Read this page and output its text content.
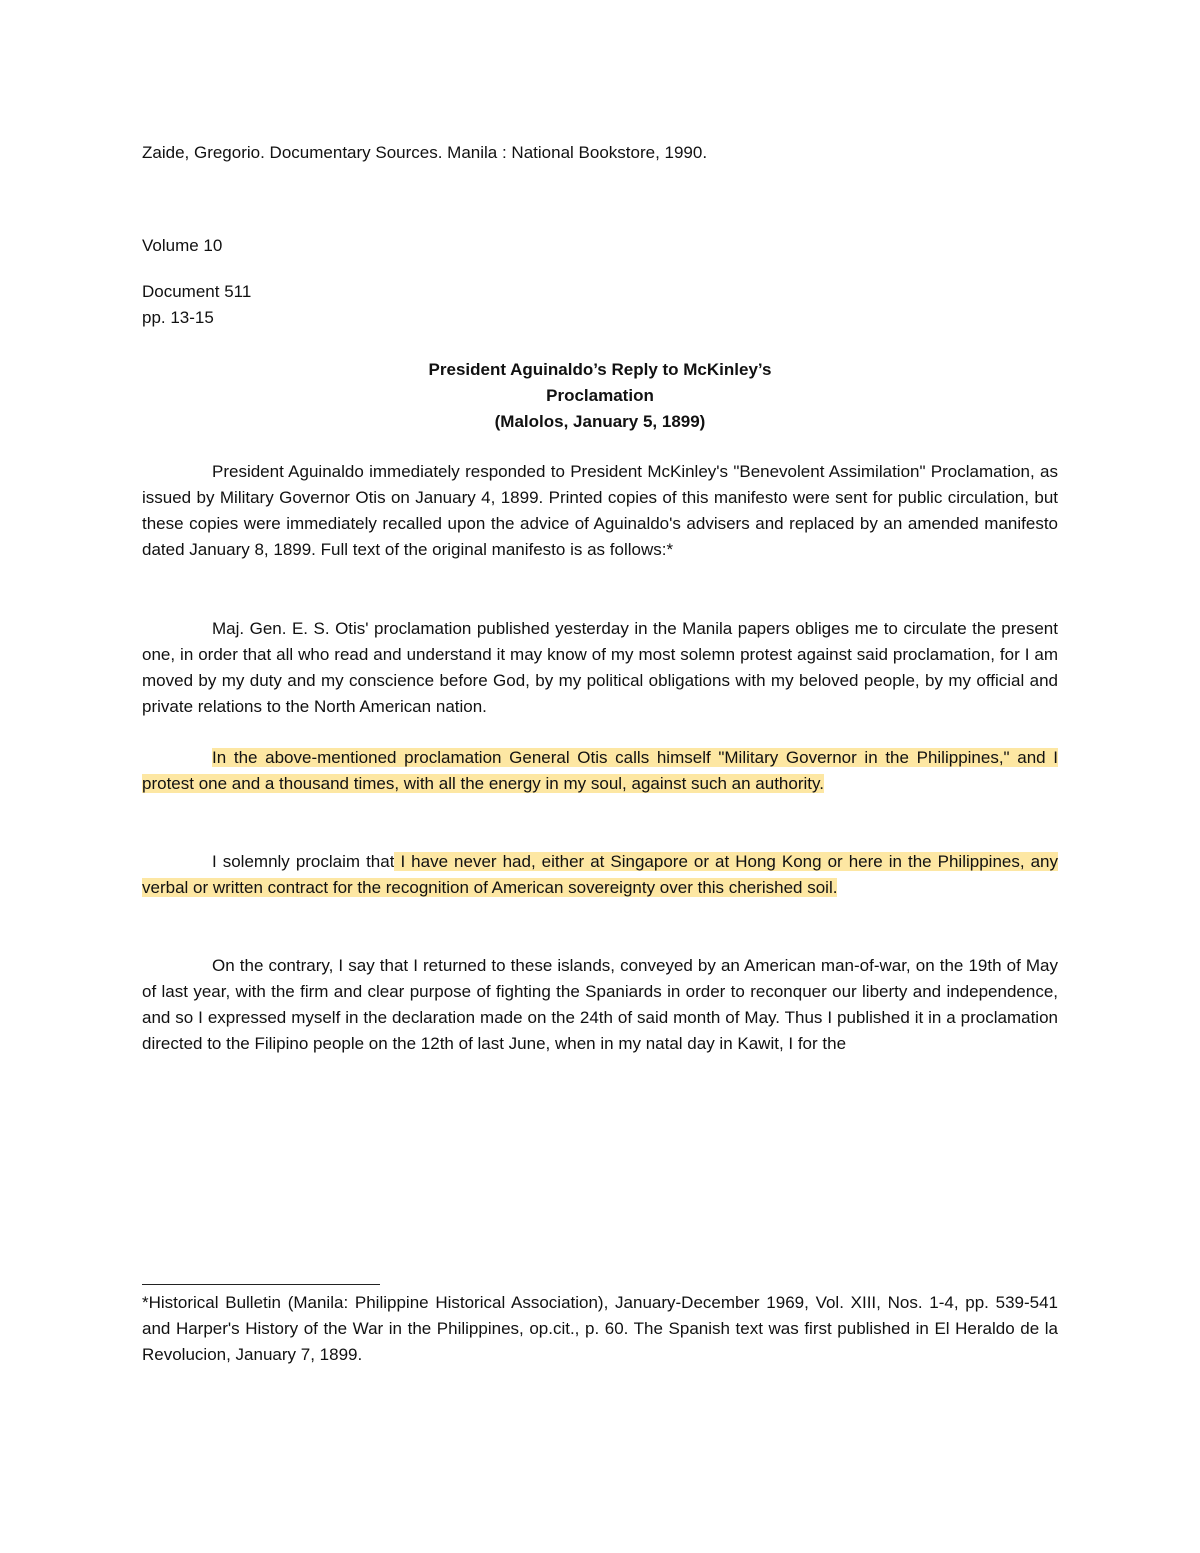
Zaide, Gregorio. Documentary Sources. Manila : National Bookstore, 1990.
Volume 10
Document 511
pp. 13-15
President Aguinaldo’s Reply to McKinley’s
Proclamation
(Malolos, January 5, 1899)

President Aguinaldo immediately responded to President McKinley's "Benevolent Assimilation" Proclamation, as issued by Military Governor Otis on January 4, 1899. Printed copies of this manifesto were sent for public circulation, but these copies were immediately recalled upon the advice of Aguinaldo's advisers and replaced by an amended manifesto dated January 8, 1899. Full text of the original manifesto is as follows:*

Maj. Gen. E. S. Otis' proclamation published yesterday in the Manila papers obliges me to circulate the present one, in order that all who read and understand it may know of my most solemn protest against said proclamation, for I am moved by my duty and my conscience before God, by my political obligations with my beloved people, by my official and private relations to the North American nation.

In the above-mentioned proclamation General Otis calls himself "Military Governor in the Philippines," and I protest one and a thousand times, with all the energy in my soul, against such an authority.

I solemnly proclaim that I have never had, either at Singapore or at Hong Kong or here in the Philippines, any verbal or written contract for the recognition of American sovereignty over this cherished soil.

On the contrary, I say that I returned to these islands, conveyed by an American man-of-war, on the 19th of May of last year, with the firm and clear purpose of fighting the Spaniards in order to reconquer our liberty and independence, and so I expressed myself in the declaration made on the 24th of said month of May. Thus I published it in a proclamation directed to the Filipino people on the 12th of last June, when in my natal day in Kawit, I for the

*Historical Bulletin (Manila: Philippine Historical Association), January-December 1969, Vol. XIII, Nos. 1-4, pp. 539-541 and Harper's History of the War in the Philippines, op.cit., p. 60. The Spanish text was first published in El Heraldo de la Revolucion, January 7, 1899.
